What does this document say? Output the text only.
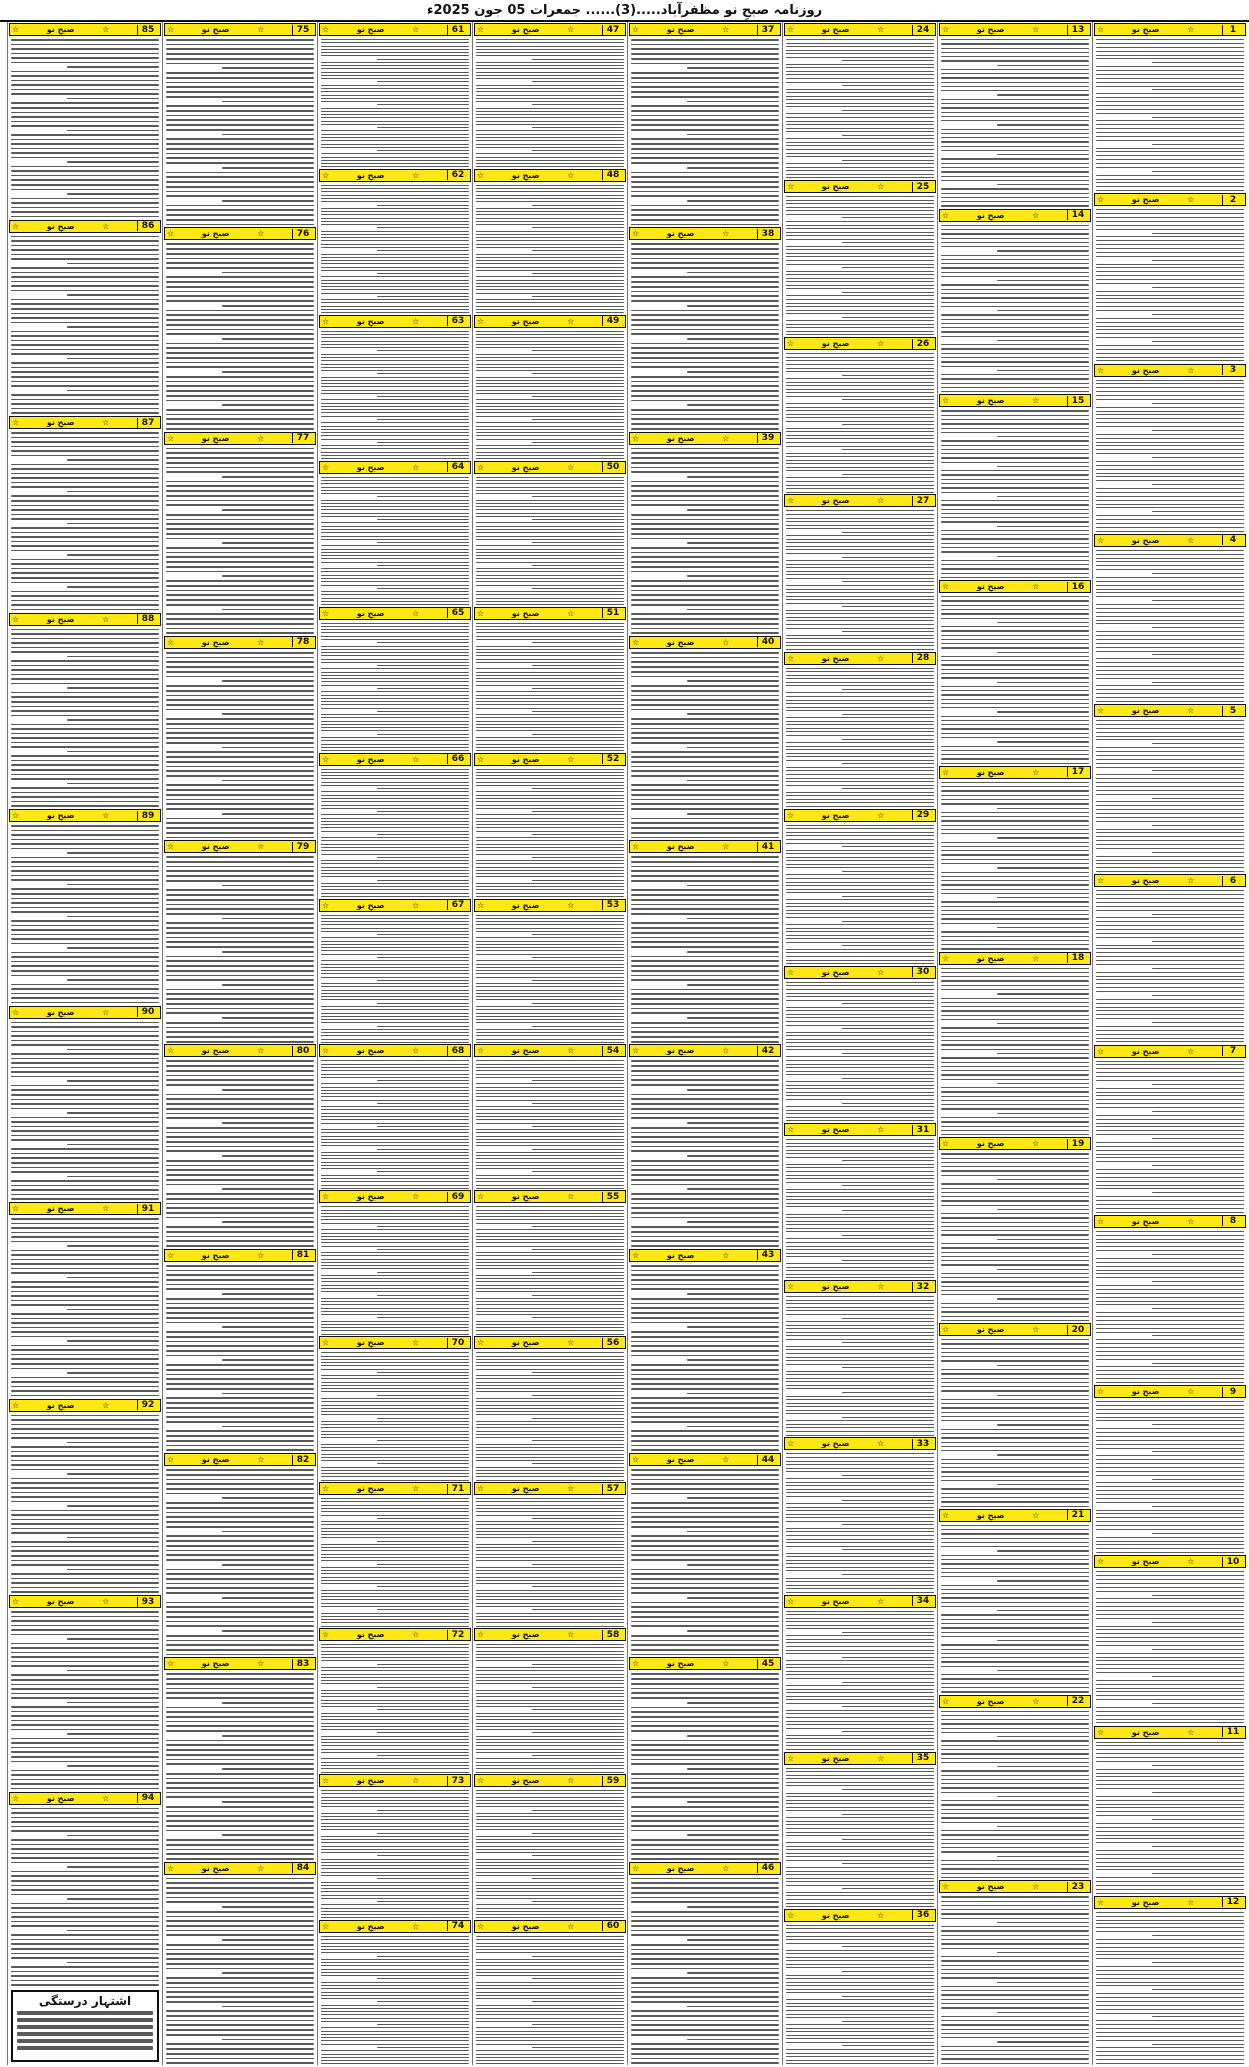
روزنامہ صبحِ نو مظفرآباد.....(3)...... جمعرات 05 جون 2025ء
1
☆
صبحِ نو
☆
2
☆
صبحِ نو
☆
3
☆
صبحِ نو
☆
4
☆
صبحِ نو
☆
5
☆
صبحِ نو
☆
6
☆
صبحِ نو
☆
7
☆
صبحِ نو
☆
8
☆
صبحِ نو
☆
9
☆
صبحِ نو
☆
10
☆
صبحِ نو
☆
11
☆
صبحِ نو
☆
12
☆
صبحِ نو
☆
13
☆
صبحِ نو
☆
14
☆
صبحِ نو
☆
15
☆
صبحِ نو
☆
16
☆
صبحِ نو
☆
17
☆
صبحِ نو
☆
18
☆
صبحِ نو
☆
19
☆
صبحِ نو
☆
20
☆
صبحِ نو
☆
21
☆
صبحِ نو
☆
22
☆
صبحِ نو
☆
23
☆
صبحِ نو
☆
24
☆
صبحِ نو
☆
25
☆
صبحِ نو
☆
26
☆
صبحِ نو
☆
27
☆
صبحِ نو
☆
28
☆
صبحِ نو
☆
29
☆
صبحِ نو
☆
30
☆
صبحِ نو
☆
31
☆
صبحِ نو
☆
32
☆
صبحِ نو
☆
33
☆
صبحِ نو
☆
34
☆
صبحِ نو
☆
35
☆
صبحِ نو
☆
36
☆
صبحِ نو
☆
37
☆
صبحِ نو
☆
38
☆
صبحِ نو
☆
39
☆
صبحِ نو
☆
40
☆
صبحِ نو
☆
41
☆
صبحِ نو
☆
42
☆
صبحِ نو
☆
43
☆
صبحِ نو
☆
44
☆
صبحِ نو
☆
45
☆
صبحِ نو
☆
46
☆
صبحِ نو
☆
47
☆
صبحِ نو
☆
48
☆
صبحِ نو
☆
49
☆
صبحِ نو
☆
50
☆
صبحِ نو
☆
51
☆
صبحِ نو
☆
52
☆
صبحِ نو
☆
53
☆
صبحِ نو
☆
54
☆
صبحِ نو
☆
55
☆
صبحِ نو
☆
56
☆
صبحِ نو
☆
57
☆
صبحِ نو
☆
58
☆
صبحِ نو
☆
59
☆
صبحِ نو
☆
60
☆
صبحِ نو
☆
61
☆
صبحِ نو
☆
62
☆
صبحِ نو
☆
63
☆
صبحِ نو
☆
64
☆
صبحِ نو
☆
65
☆
صبحِ نو
☆
66
☆
صبحِ نو
☆
67
☆
صبحِ نو
☆
68
☆
صبحِ نو
☆
69
☆
صبحِ نو
☆
70
☆
صبحِ نو
☆
71
☆
صبحِ نو
☆
72
☆
صبحِ نو
☆
73
☆
صبحِ نو
☆
74
☆
صبحِ نو
☆
75
☆
صبحِ نو
☆
76
☆
صبحِ نو
☆
77
☆
صبحِ نو
☆
78
☆
صبحِ نو
☆
79
☆
صبحِ نو
☆
80
☆
صبحِ نو
☆
81
☆
صبحِ نو
☆
82
☆
صبحِ نو
☆
83
☆
صبحِ نو
☆
84
☆
صبحِ نو
☆
85
☆
صبحِ نو
☆
86
☆
صبحِ نو
☆
87
☆
صبحِ نو
☆
88
☆
صبحِ نو
☆
89
☆
صبحِ نو
☆
90
☆
صبحِ نو
☆
91
☆
صبحِ نو
☆
92
☆
صبحِ نو
☆
93
☆
صبحِ نو
☆
94
☆
صبحِ نو
☆
اشتہار درستگی
